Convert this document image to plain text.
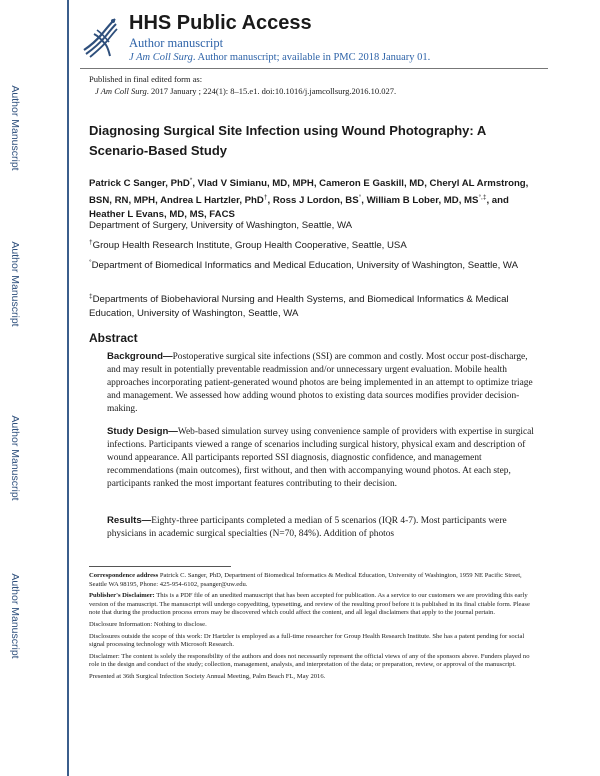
Author Manuscript
Author Manuscript
Author Manuscript
Author Manuscript
HHS Public Access
Author manuscript
J Am Coll Surg. Author manuscript; available in PMC 2018 January 01.
Published in final edited form as:
J Am Coll Surg. 2017 January ; 224(1): 8–15.e1. doi:10.1016/j.jamcollsurg.2016.10.027.
Diagnosing Surgical Site Infection using Wound Photography: A Scenario-Based Study
Patrick C Sanger, PhD*, Vlad V Simianu, MD, MPH, Cameron E Gaskill, MD, Cheryl AL Armstrong, BSN, RN, MPH, Andrea L Hartzler, PhD†, Ross J Lordon, BS°, William B Lober, MD, MS°,‡, and Heather L Evans, MD, MS, FACS
Department of Surgery, University of Washington, Seattle, WA
†Group Health Research Institute, Group Health Cooperative, Seattle, USA
°Department of Biomedical Informatics and Medical Education, University of Washington, Seattle, WA
‡Departments of Biobehavioral Nursing and Health Systems, and Biomedical Informatics & Medical Education, University of Washington, Seattle, WA
Abstract
Background—Postoperative surgical site infections (SSI) are common and costly. Most occur post-discharge, and may result in potentially preventable readmission and/or unnecessary urgent evaluation. Mobile health approaches incorporating patient-generated wound photos are being implemented in an attempt to optimize triage and management. We assessed how adding wound photos to existing data sources modifies provider decision-making.
Study Design—Web-based simulation survey using convenience sample of providers with expertise in surgical infections. Participants viewed a range of scenarios including surgical history, physical exam and description of wound appearance. All participants reported SSI diagnosis, diagnostic confidence, and management recommendations (main outcomes), first without, and then with accompanying wound photos. At each step, participants ranked the most important features contributing to their decision.
Results—Eighty-three participants completed a median of 5 scenarios (IQR 4-7). Most participants were physicians in academic surgical specialties (N=70, 84%). Addition of photos

Correspondence address Patrick C. Sanger, PhD, Department of Biomedical Informatics & Medical Education, University of Washington, 1959 NE Pacific Street, Seattle WA 98195, Phone: 425-954-6102, psanger@uw.edu.

Publisher's Disclaimer: This is a PDF file of an unedited manuscript that has been accepted for publication. As a service to our customers we are providing this early version of the manuscript. The manuscript will undergo copyediting, typesetting, and review of the resulting proof before it is published in its final citable form. Please note that during the production process errors may be discovered which could affect the content, and all legal disclaimers that apply to the journal pertain.

Disclosure Information: Nothing to disclose.

Disclosures outside the scope of this work: Dr Hartzler is employed as a full-time researcher for Group Health Research Institute. She has a patent pending for social signal processing technology with Microsoft Research.

Disclaimer: The content is solely the responsibility of the authors and does not necessarily represent the official views of any of the sponsors above. Funders played no role in the design and conduct of the study; collection, management, analysis, and interpretation of the data; or preparation, review, or approval of the manuscript.

Presented at 36th Surgical Infection Society Annual Meeting, Palm Beach FL, May 2016.
